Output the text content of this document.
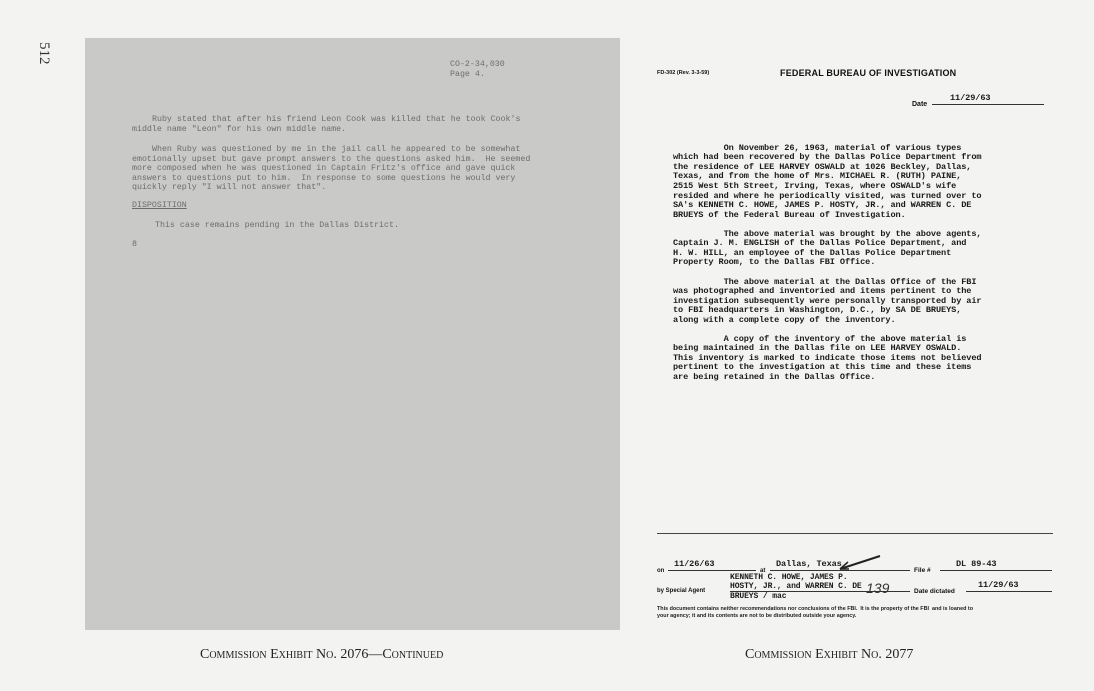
512	CO-2-34,030
Page 4.
Ruby stated that after his friend Leon Cook was killed that he took Cook's
middle name "Leon" for his own middle name.
When Ruby was questioned by me in the jail call he appeared to be somewhat
emotionally upset but gave prompt answers to the questions asked him.  He seemed
more composed when he was questioned in Captain Fritz's office and gave quick
answers to questions put to him.  In response to some questions he would very
quickly reply "I will not answer that".
DISPOSITION
This case remains pending in the Dallas District.
8
Commission Exhibit No. 2076—Continued
FD-302 (Rev. 3-3-59)	FEDERAL BUREAU OF INVESTIGATION
Date
11/29/63

On November 26, 1963, material of various types
which had been recovered by the Dallas Police Department from
the residence of LEE HARVEY OSWALD at 1026 Beckley, Dallas,
Texas, and from the home of Mrs. MICHAEL R. (RUTH) PAINE,
2515 West 5th Street, Irving, Texas, where OSWALD's wife
resided and where he periodically visited, was turned over to
SA's KENNETH C. HOWE, JAMES P. HOSTY, JR., and WARREN C. DE
BRUEYS of the Federal Bureau of Investigation.

The above material was brought by the above agents,
Captain J. M. ENGLISH of the Dallas Police Department, and
H. W. HILL, an employee of the Dallas Police Department
Property Room, to the Dallas FBI Office.

The above material at the Dallas Office of the FBI
was photographed and inventoried and items pertinent to the
investigation subsequently were personally transported by air
to FBI headquarters in Washington, D.C., by SA DE BRUEYS,
along with a complete copy of the inventory.

A copy of the inventory of the above material is
being maintained in the Dallas file on LEE HARVEY OSWALD.
This inventory is marked to indicate those items not believed
pertinent to the investigation at this time and these items
are being retained in the Dallas Office.
on
11/26/63
at
Dallas, Texas
File #
DL 89-43
by Special Agent
KENNETH C. HOWE, JAMES P.
HOSTY, JR., and WARREN C. DE
BRUEYS / mac
Date dictated
11/29/63
139
This document contains neither recommendations nor conclusions of the FBI.  It is the property of the FBI  and is loaned to
your agency; it and its contents are not to be distributed outside your agency.
Commission Exhibit No. 2077
